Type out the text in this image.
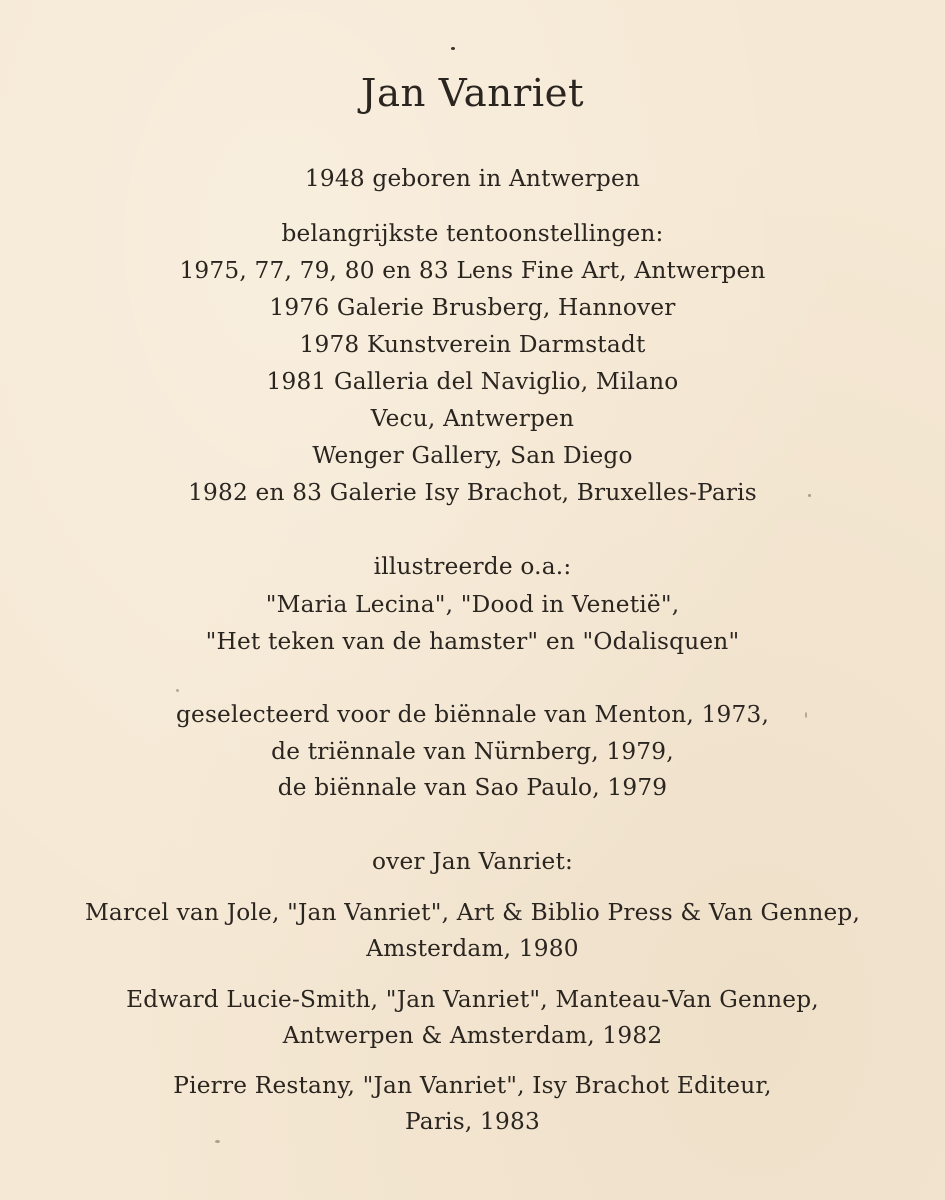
Jan Vanriet
1948 geboren in Antwerpen
belangrijkste tentoonstellingen:
1975, 77, 79, 80 en 83 Lens Fine Art, Antwerpen
1976 Galerie Brusberg, Hannover
1978 Kunstverein Darmstadt
1981 Galleria del Naviglio, Milano
Vecu, Antwerpen
Wenger Gallery, San Diego
1982 en 83 Galerie Isy Brachot, Bruxelles-Paris
illustreerde o.a.:
"Maria Lecina", "Dood in Venetië",
"Het teken van de hamster" en "Odalisquen"
geselecteerd voor de biënnale van Menton, 1973,
de triënnale van Nürnberg, 1979,
de biënnale van Sao Paulo, 1979
over Jan Vanriet:
Marcel van Jole, "Jan Vanriet", Art & Biblio Press & Van Gennep,
Amsterdam, 1980
Edward Lucie-Smith, "Jan Vanriet", Manteau-Van Gennep,
Antwerpen & Amsterdam, 1982
Pierre Restany, "Jan Vanriet", Isy Brachot Editeur,
Paris, 1983
